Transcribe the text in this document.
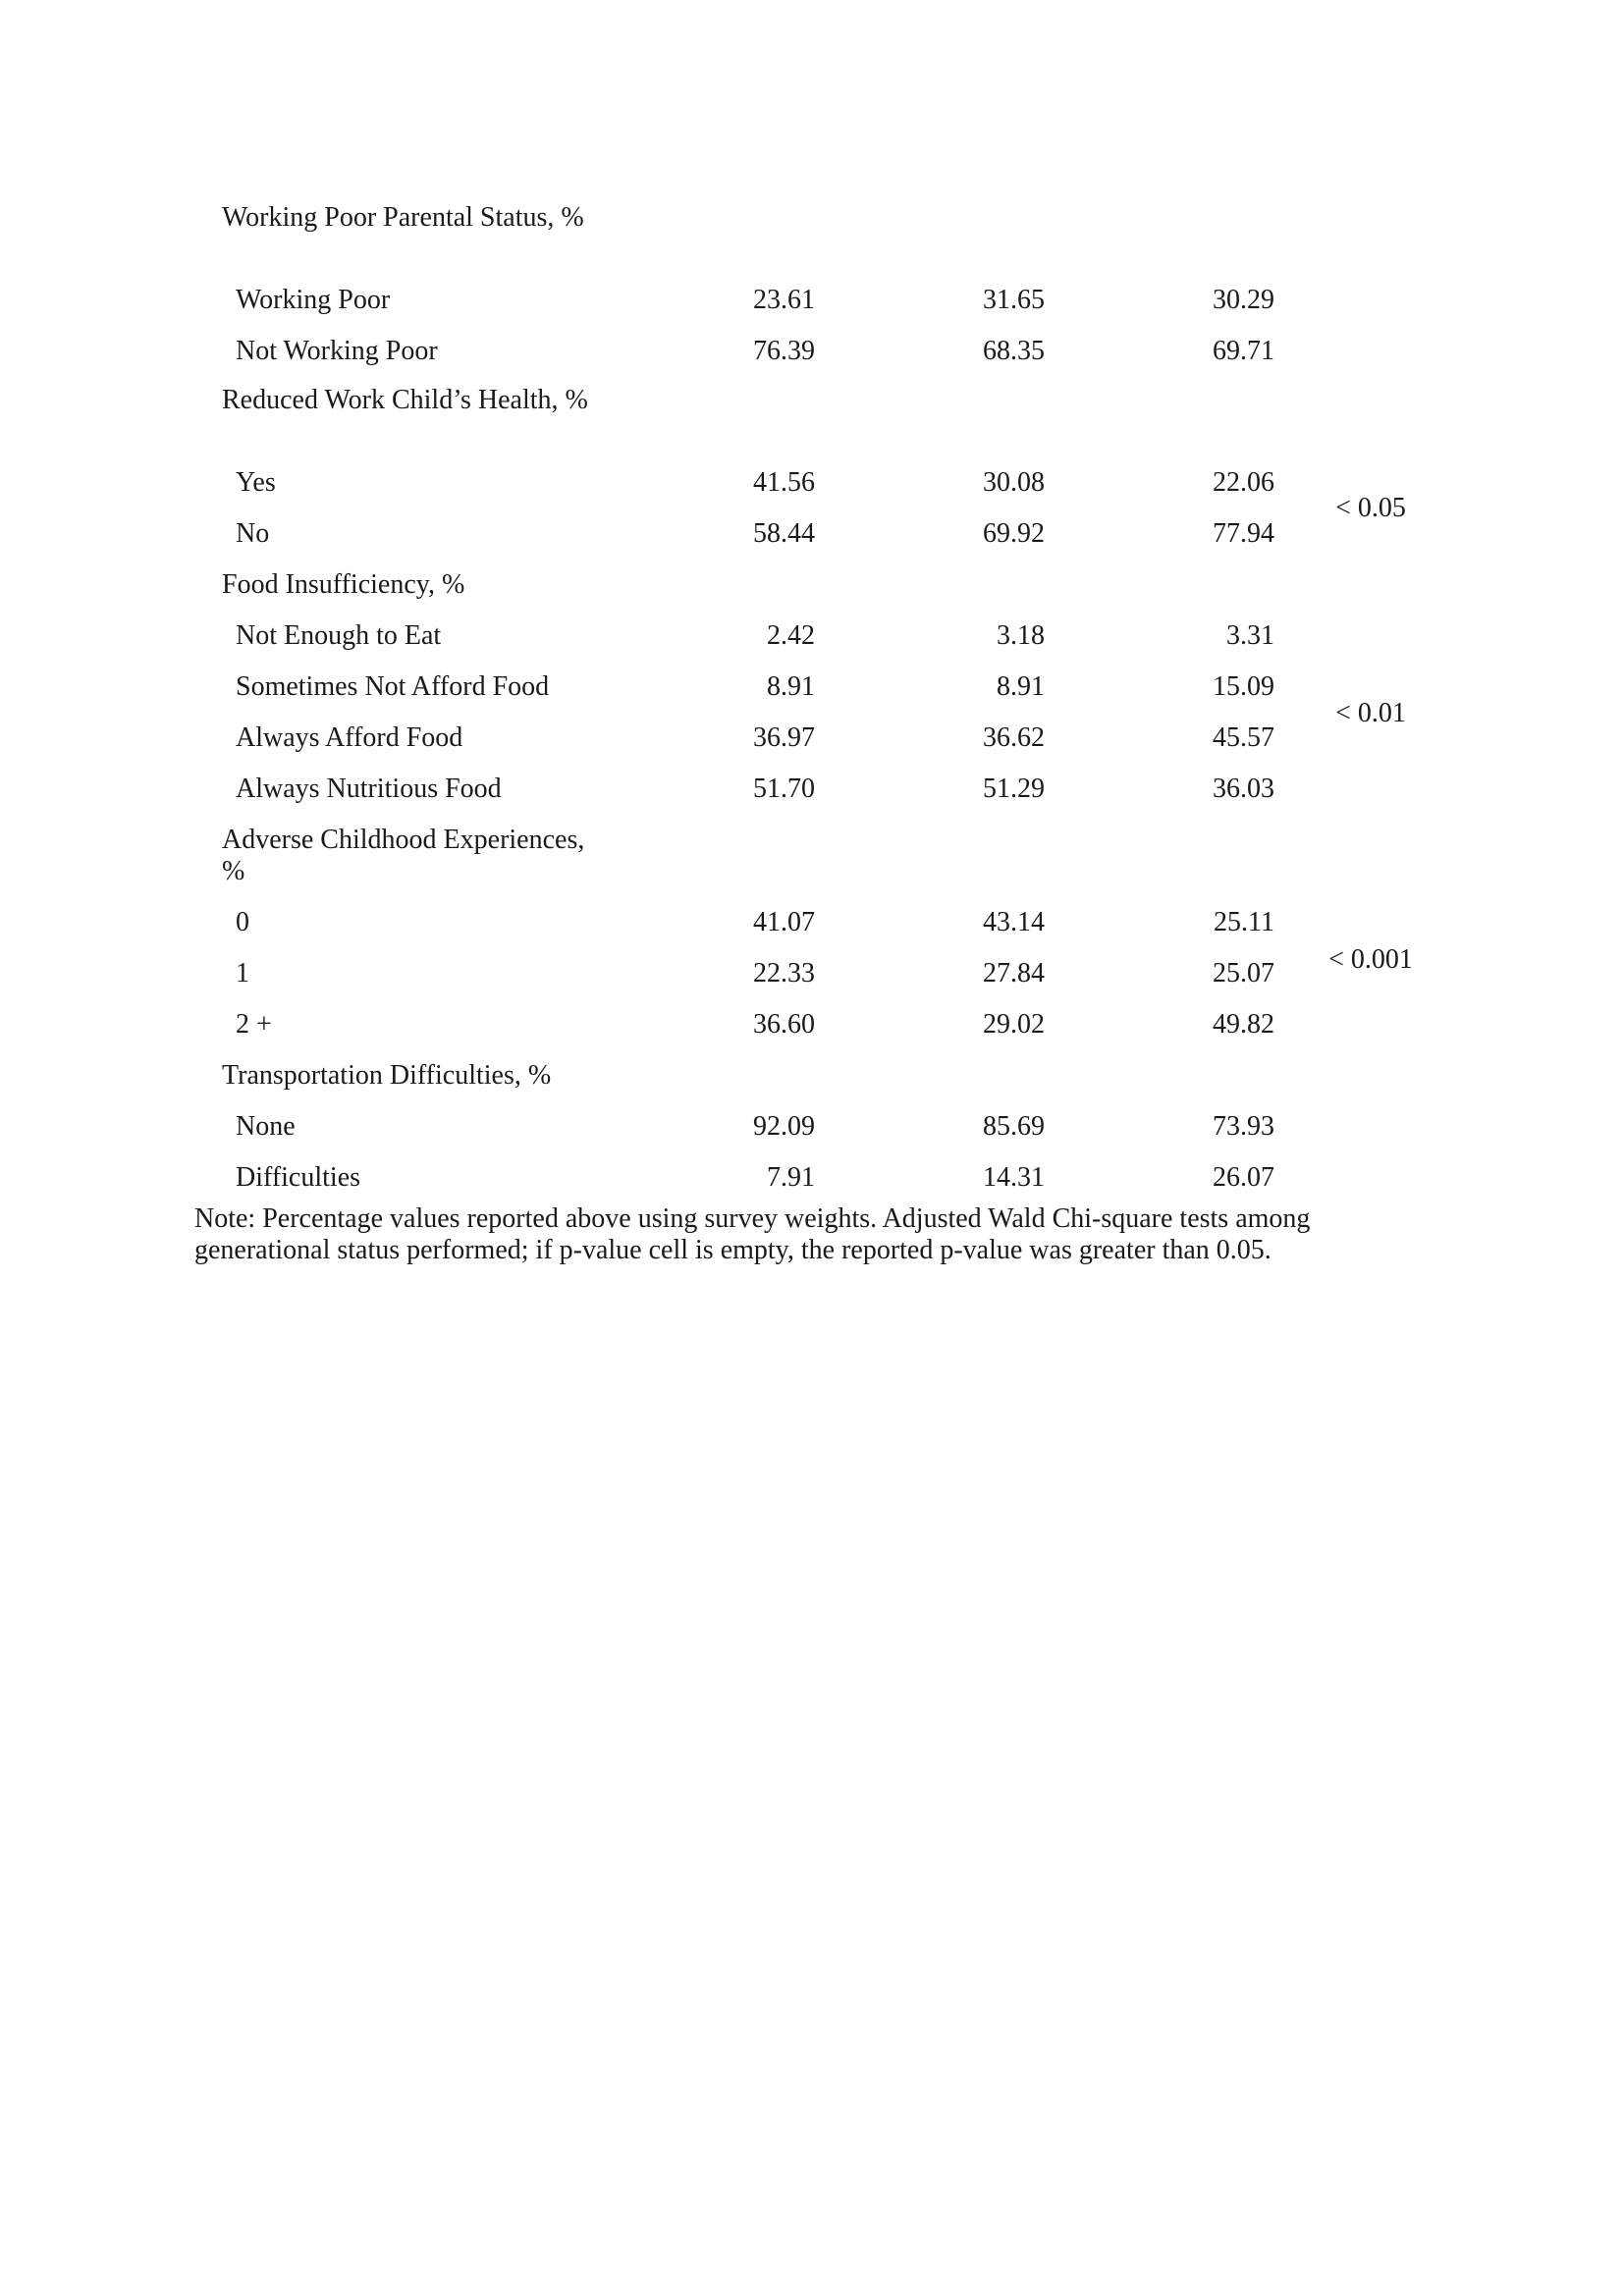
Working Poor Parental Status, %
Working Poor	23.61	31.65	30.29
Not Working Poor	76.39	68.35	69.71
Reduced Work Child’s Health, %
Yes	41.56	30.08	22.06
No	58.44	69.92	77.94
< 0.05
Food Insufficiency, %
Not Enough to Eat	2.42	3.18	3.31
Sometimes Not Afford Food	8.91	8.91	15.09
Always Afford Food	36.97	36.62	45.57
Always Nutritious Food	51.70	51.29	36.03
< 0.01
Adverse Childhood Experiences, %
0	41.07	43.14	25.11
1	22.33	27.84	25.07
2 +	36.60	29.02	49.82
< 0.001
Transportation Difficulties, %
None	92.09	85.69	73.93
Difficulties	7.91	14.31	26.07
Note: Percentage values reported above using survey weights. Adjusted Wald Chi-square tests among generational status performed; if p-value cell is empty, the reported p-value was greater than 0.05.
